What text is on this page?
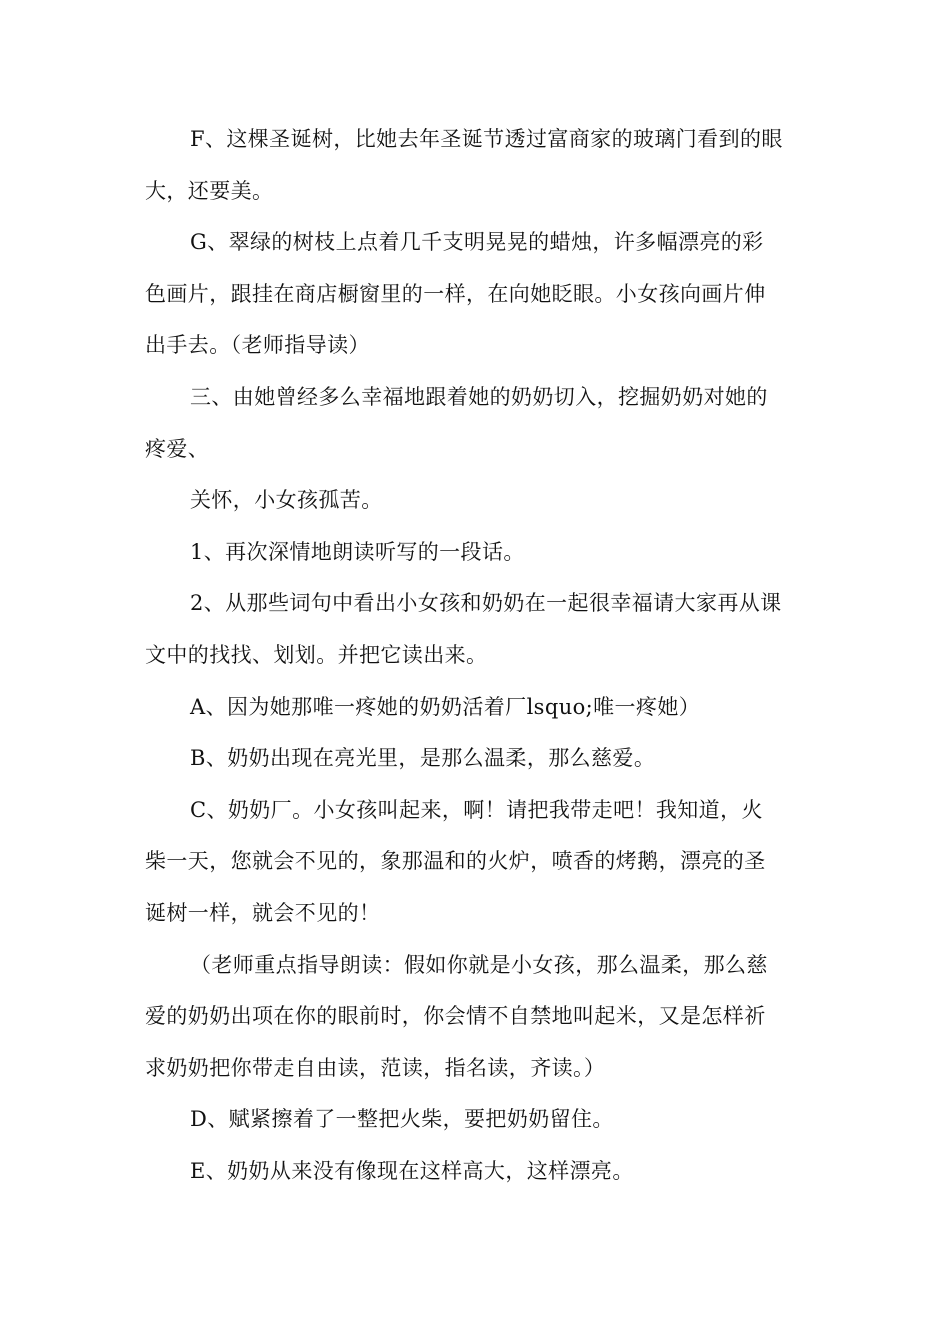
F、这棵圣诞树，比她去年圣诞节透过富商家的玻璃门看到的眼
大，还要美。

G、翠绿的树枝上点着几千支明晃晃的蜡烛，许多幅漂亮的彩
色画片，跟挂在商店橱窗里的一样，在向她眨眼。小女孩向画片伸
出手去。（老师指导读）

三、由她曾经多么幸福地跟着她的奶奶切入，挖掘奶奶对她的
疼爱、

关怀，小女孩孤苦。

1、再次深情地朗读听写的一段话。

2、从那些词句中看出小女孩和奶奶在一起很幸福请大家再从课
文中的找找、划划。并把它读出来。

A、因为她那唯一疼她的奶奶活着厂lsquo;唯一疼她）

B、奶奶出现在亮光里，是那么温柔，那么慈爱。

C、奶奶厂。小女孩叫起来，啊！请把我带走吧！我知道，火
柴一天，您就会不见的，象那温和的火炉，喷香的烤鹅，漂亮的圣
诞树一样，就会不见的！

（老师重点指导朗读：假如你就是小女孩，那么温柔，那么慈
爱的奶奶出项在你的眼前时，你会情不自禁地叫起米，又是怎样祈
求奶奶把你带走自由读，范读，指名读，齐读。）

D、赋紧擦着了一整把火柴，要把奶奶留住。

E、奶奶从来没有像现在这样高大，这样漂亮。
